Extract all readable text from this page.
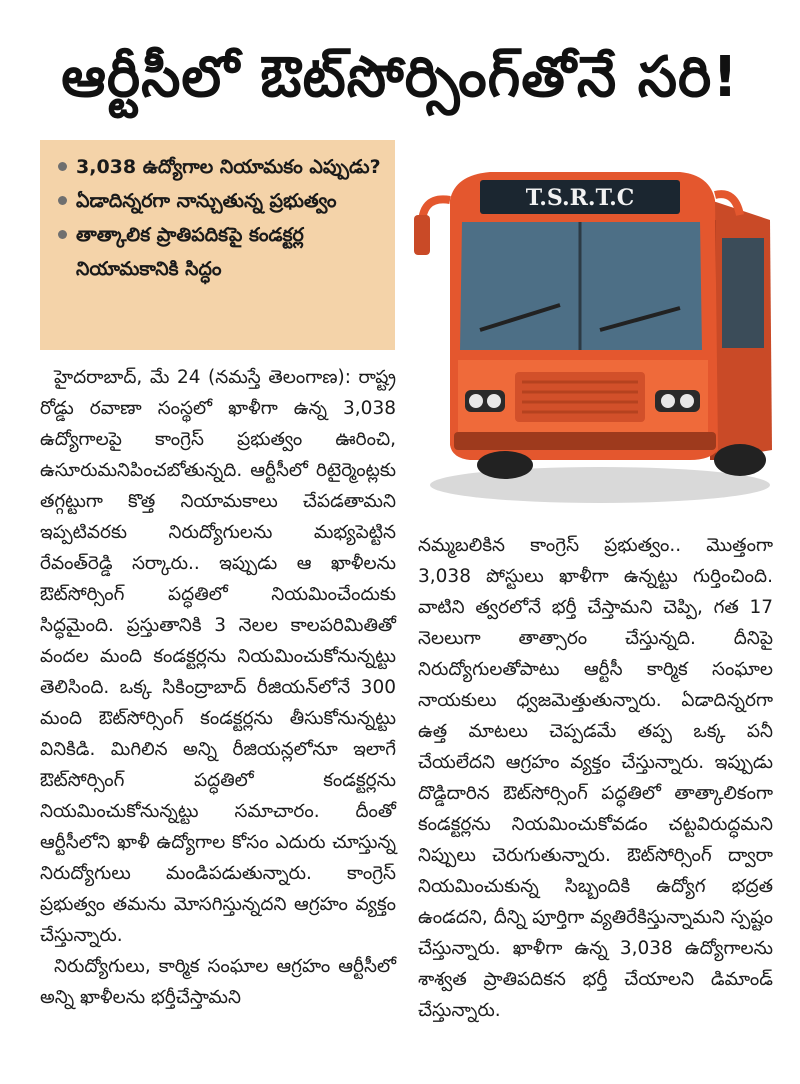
ఆర్టీసీలో ఔట్‌సోర్సింగ్‌తోనే సరి!
3,038 ఉద్యోగాల నియామకం ఎప్పుడు?
ఏడాదిన్నరగా నాన్చుతున్న ప్రభుత్వం
తాత్కాలిక ప్రాతిపదికపై కండక్టర్ల నియామకానికి సిద్ధం
T.S.R.T.C

హైదరాబాద్, మే 24 (నమస్తే తెలంగాణ): రాష్ట్ర రోడ్డు రవాణా సంస్థలో ఖాళీగా ఉన్న 3,038 ఉద్యోగాలపై కాంగ్రెస్ ప్రభుత్వం ఊరించి, ఉసూరుమనిపించబోతున్నది. ఆర్టీసీలో రిటైర్మెంట్లకు తగ్గట్టుగా కొత్త నియామకాలు చేపడతామని ఇప్పటివరకు నిరుద్యోగులను మభ్యపెట్టిన రేవంత్‌రెడ్డి సర్కారు.. ఇప్పుడు ఆ ఖాళీలను ఔట్‌సోర్సింగ్ పద్ధతిలో నియమించేందుకు సిద్ధమైంది. ప్రస్తుతానికి 3 నెలల కాలపరిమితితో వందల మంది కండక్టర్లను నియమించుకోనున్నట్టు తెలిసింది. ఒక్క సికింద్రాబాద్ రీజియన్‌లోనే 300 మంది ఔట్‌సోర్సింగ్ కండక్టర్లను తీసుకోనున్నట్టు వినికిడి. మిగిలిన అన్ని రీజియన్లలోనూ ఇలాగే ఔట్‌సోర్సింగ్ పద్ధతిలో కండక్టర్లను నియమించుకోనున్నట్టు సమాచారం. దీంతో ఆర్టీసీలోని ఖాళీ ఉద్యోగాల కోసం ఎదురు చూస్తున్న నిరుద్యోగులు మండిపడుతున్నారు. కాంగ్రెస్ ప్రభుత్వం తమను మోసగిస్తున్నదని ఆగ్రహం వ్యక్తం చేస్తున్నారు.

నిరుద్యోగులు, కార్మిక సంఘాల ఆగ్రహం ఆర్టీసీలో అన్ని ఖాళీలను భర్తీచేస్తామని

నమ్మబలికిన కాంగ్రెస్ ప్రభుత్వం.. మొత్తంగా 3,038 పోస్టులు ఖాళీగా ఉన్నట్టు గుర్తించింది. వాటిని త్వరలోనే భర్తీ చేస్తామని చెప్పి, గత 17 నెలలుగా తాత్సారం చేస్తున్నది. దీనిపై నిరుద్యోగులతోపాటు ఆర్టీసీ కార్మిక సంఘాల నాయకులు ధ్వజమెత్తుతున్నారు. ఏడాదిన్నరగా ఉత్త మాటలు చెప్పడమే తప్ప ఒక్క పనీ చేయలేదని ఆగ్రహం వ్యక్తం చేస్తున్నారు. ఇప్పుడు దొడ్డిదారిన ఔట్‌సోర్సింగ్ పద్ధతిలో తాత్కాలికంగా కండక్టర్లను నియమించుకోవడం చట్టవిరుద్ధమని నిప్పులు చెరుగుతున్నారు. ఔట్‌సోర్సింగ్ ద్వారా నియమించుకున్న సిబ్బందికి ఉద్యోగ భద్రత ఉండదని, దీన్ని పూర్తిగా వ్యతిరేకిస్తున్నామని స్పష్టం చేస్తున్నారు. ఖాళీగా ఉన్న 3,038 ఉద్యోగాలను శాశ్వత ప్రాతిపదికన భర్తీ చేయాలని డిమాండ్ చేస్తున్నారు.
